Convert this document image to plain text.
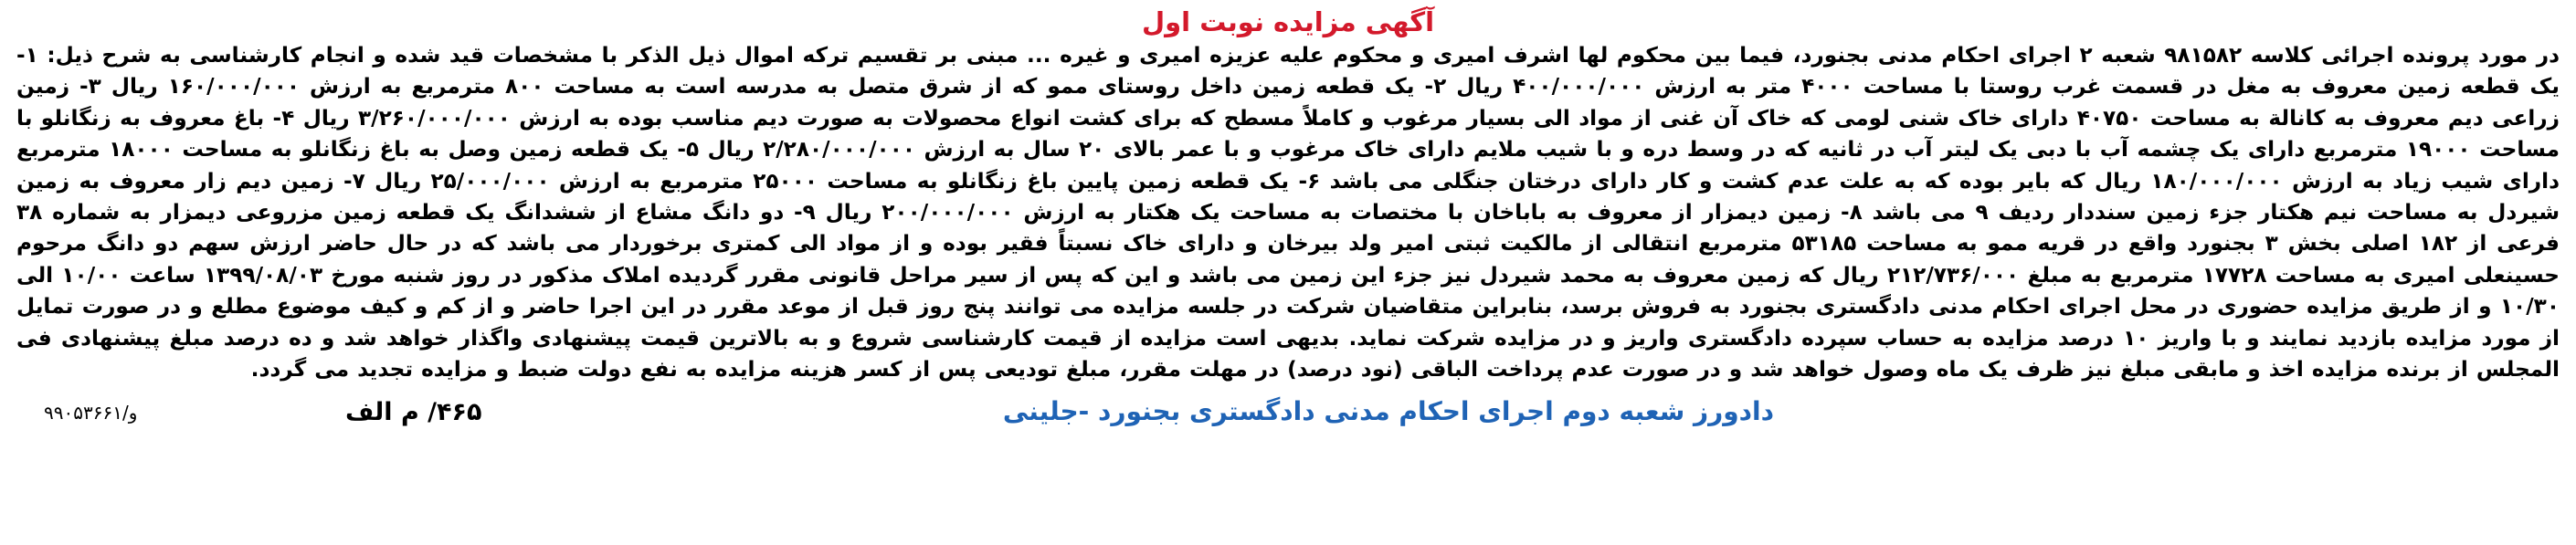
آگهی مزایده نوبت اول

در مورد پرونده اجرائی کلاسه ۹۸۱۵۸۲ شعبه ۲ اجرای احکام مدنی بجنورد، فیما بین محکوم لها اشرف امیری و محکوم علیه عزیزه امیری و غیره ... مبنی بر تقسیم ترکه اموال ذیل الذکر با مشخصات قید شده و انجام کارشناسی به شرح ذیل: ۱-یک قطعه زمین معروف به مغل در قسمت غرب روستا با مساحت ۴۰۰۰ متر به ارزش ۴۰۰/۰۰۰/۰۰۰ ریال ۲- یک قطعه زمین داخل روستای ممو که از شرق متصل به مدرسه است به مساحت ۸۰۰ مترمربع به ارزش ۱۶۰/۰۰۰/۰۰۰ ریال ۳- زمین زراعی دیم معروف به کانالة به مساحت ۴۰۷۵۰ دارای خاک شنی لومی که خاک آن غنی از مواد الی بسیار مرغوب و کاملاً مسطح که برای کشت انواع محصولات به صورت دیم مناسب بوده به ارزش ۳/۲۶۰/۰۰۰/۰۰۰ ریال ۴- باغ معروف به زنگانلو با مساحت ۱۹۰۰۰ مترمربع دارای یک چشمه آب با دبی یک لیتر آب در ثانیه که در وسط دره و با شیب ملایم دارای خاک مرغوب و با عمر بالای ۲۰ سال به ارزش ۲/۲۸۰/۰۰۰/۰۰۰ ریال ۵- یک قطعه زمین وصل به باغ زنگانلو به مساحت ۱۸۰۰۰ مترمربع دارای شیب زیاد به ارزش ۱۸۰/۰۰۰/۰۰۰ ریال که بایر بوده که به علت عدم کشت و کار دارای درختان جنگلی می باشد ۶- یک قطعه زمین پایین باغ زنگانلو به مساحت ۲۵۰۰۰ مترمربع به ارزش ۲۵/۰۰۰/۰۰۰ ریال ۷- زمین دیم زار معروف به زمین شیردل به مساحت نیم هکتار جزء زمین سنددار ردیف ۹ می باشد ۸- زمین دیمزار از معروف به باباخان با مختصات به مساحت یک هکتار به ارزش ۲۰۰/۰۰۰/۰۰۰ ریال ۹- دو دانگ مشاع از ششدانگ یک قطعه زمین مزروعی دیمزار به شماره ۳۸ فرعی از ۱۸۲ اصلی بخش ۳ بجنورد واقع در قریه ممو به مساحت ۵۳۱۸۵ مترمربع انتقالی از مالکیت ثبتی امیر ولد بیرخان و دارای خاک نسبتاً فقیر بوده و از مواد الی کمتری برخوردار می باشد که در حال حاضر ارزش سهم دو دانگ مرحوم حسینعلی امیری به مساحت ۱۷۷۲۸ مترمربع به مبلغ ۲۱۲/۷۳۶/۰۰۰ ریال که زمین معروف به محمد شیردل نیز جزء این زمین می باشد و این که پس از سیر مراحل قانونی مقرر گردیده املاک مذکور در روز شنبه مورخ ۱۳۹۹/۰۸/۰۳ ساعت ۱۰/۰۰ الی ۱۰/۳۰ و از طریق مزایده حضوری در محل اجرای احکام مدنی دادگستری بجنورد به فروش برسد، بنابراین متقاضیان شرکت در جلسه مزایده می توانند پنج روز قبل از موعد مقرر در این اجرا حاضر و از کم و کیف موضوع مطلع و در صورت تمایل از مورد مزایده بازدید نمایند و با واریز ۱۰ درصد مزایده به حساب سپرده دادگستری واریز و در مزایده شرکت نماید. بدیهی است مزایده از قیمت کارشناسی شروع و به بالاترین قیمت پیشنهادی واگذار خواهد شد و ده درصد مبلغ پیشنهادی فی المجلس از برنده مزایده اخذ و مابقی مبلغ نیز ظرف یک ماه وصول خواهد شد و در صورت عدم پرداخت الباقی (نود درصد) در مهلت مقرر، مبلغ تودیعی پس از کسر هزینه مزایده به نفع دولت ضبط و مزایده تجدید می گردد.

دادورز شعبه دوم اجرای احکام مدنی دادگستری بجنورد -جلینی
۴۶۵/ م الف
۹۹۰۵۳۶۶۱/و
